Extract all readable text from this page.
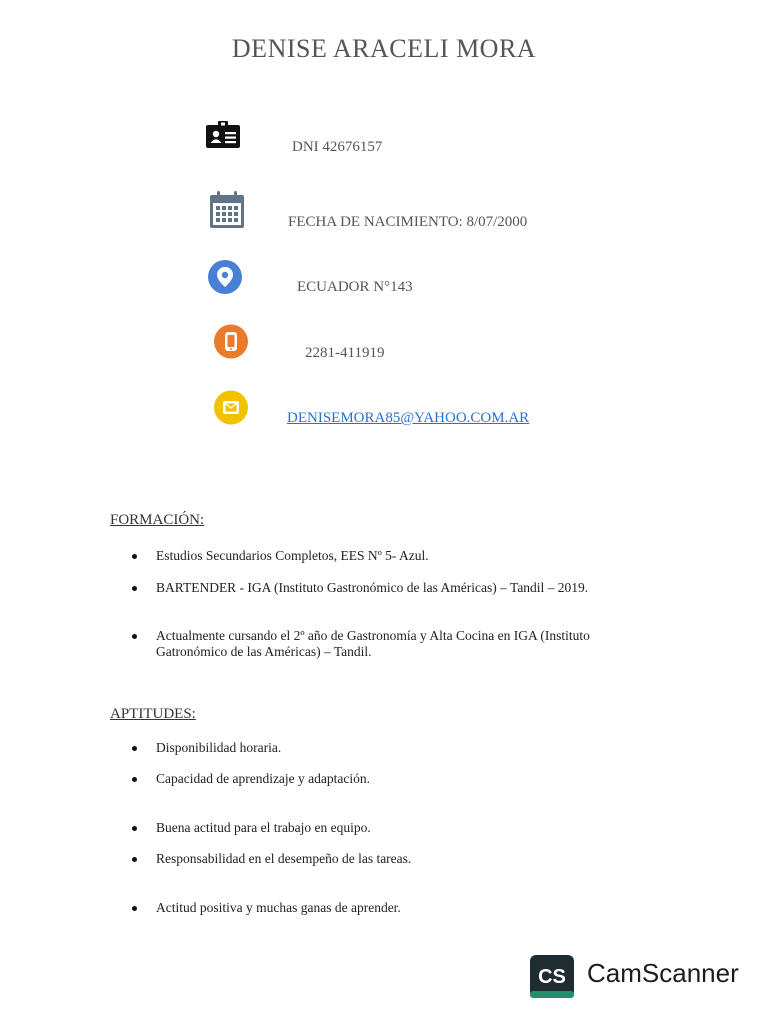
DENISE ARACELI MORA
DNI 42676157
FECHA DE NACIMIENTO: 8/07/2000
ECUADOR N°143
2281-411919
DENISEMORA85@YAHOO.COM.AR
FORMACIÓN:
Estudios Secundarios Completos, EES Nº 5- Azul.
BARTENDER - IGA (Instituto Gastronómico de las Américas) – Tandil – 2019.
Actualmente cursando el 2º año de Gastronomía y Alta Cocina en IGA (Instituto Gatronómico de las Américas) – Tandil.
APTITUDES:
Disponibilidad horaria.
Capacidad de aprendizaje y adaptación.
Buena actitud para el trabajo en equipo.
Responsabilidad en el desempeño de las tareas.
Actitud positiva y muchas ganas de aprender.
CS CamScanner
